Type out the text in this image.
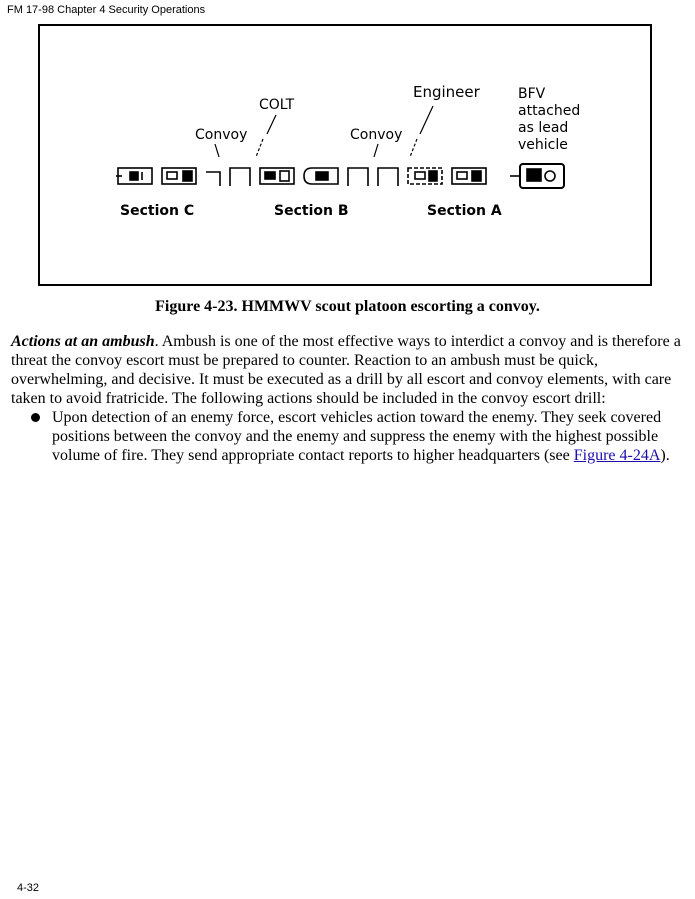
FM 17-98 Chapter 4 Security Operations
COLT
Convoy	Convoy
Engineer	BFV
attached
as lead
vehicle
Section C	Section B	Section A
Figure 4-23. HMMWV scout platoon escorting a convoy.

Actions at an ambush. Ambush is one of the most effective ways to interdict a convoy and is therefore a threat the convoy escort must be prepared to counter. Reaction to an ambush must be quick, overwhelming, and decisive. It must be executed as a drill by all escort and convoy elements, with care taken to avoid fratricide. The following actions should be included in the convoy escort drill:

Upon detection of an enemy force, escort vehicles action toward the enemy. They seek covered positions between the convoy and the enemy and suppress the enemy with the highest possible volume of fire. They send appropriate contact reports to higher headquarters (see Figure 4-24A).
4-32
